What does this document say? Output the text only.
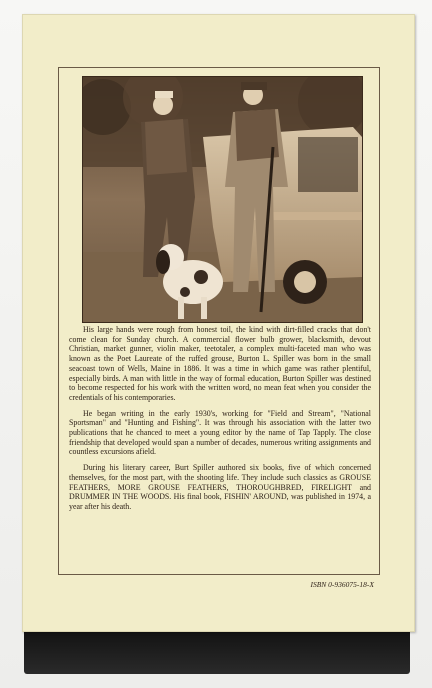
His large hands were rough from honest toil, the kind with dirt-filled cracks that don't come clean for Sunday church. A commercial flower bulb grower, blacksmith, devout Christian, market gunner, violin maker, teetotaler, a complex multi-faceted man who was known as the Poet Laureate of the ruffed grouse, Burton L. Spiller was born in the small seacoast town of Wells, Maine in 1886. It was a time in which game was rather plentiful, especially birds. A man with little in the way of formal education, Burton Spiller was destined to become respected for his work with the written word, no mean feat when you consider the credentials of his contemporaries.

He began writing in the early 1930's, working for "Field and Stream", "National Sportsman" and "Hunting and Fishing". It was through his association with the latter two publications that he chanced to meet a young editor by the name of Tap Tapply. The close friendship that developed would span a number of decades, numerous writing assignments and countless excursions afield.

During his literary career, Burt Spiller authored six books, five of which concerned themselves, for the most part, with the shooting life. They include such classics as GROUSE FEATHERS, MORE GROUSE FEATHERS, THOROUGHBRED, FIRELIGHT and DRUMMER IN THE WOODS. His final book, FISHIN' AROUND, was published in 1974, a year after his death.

ISBN 0-936075-18-X
